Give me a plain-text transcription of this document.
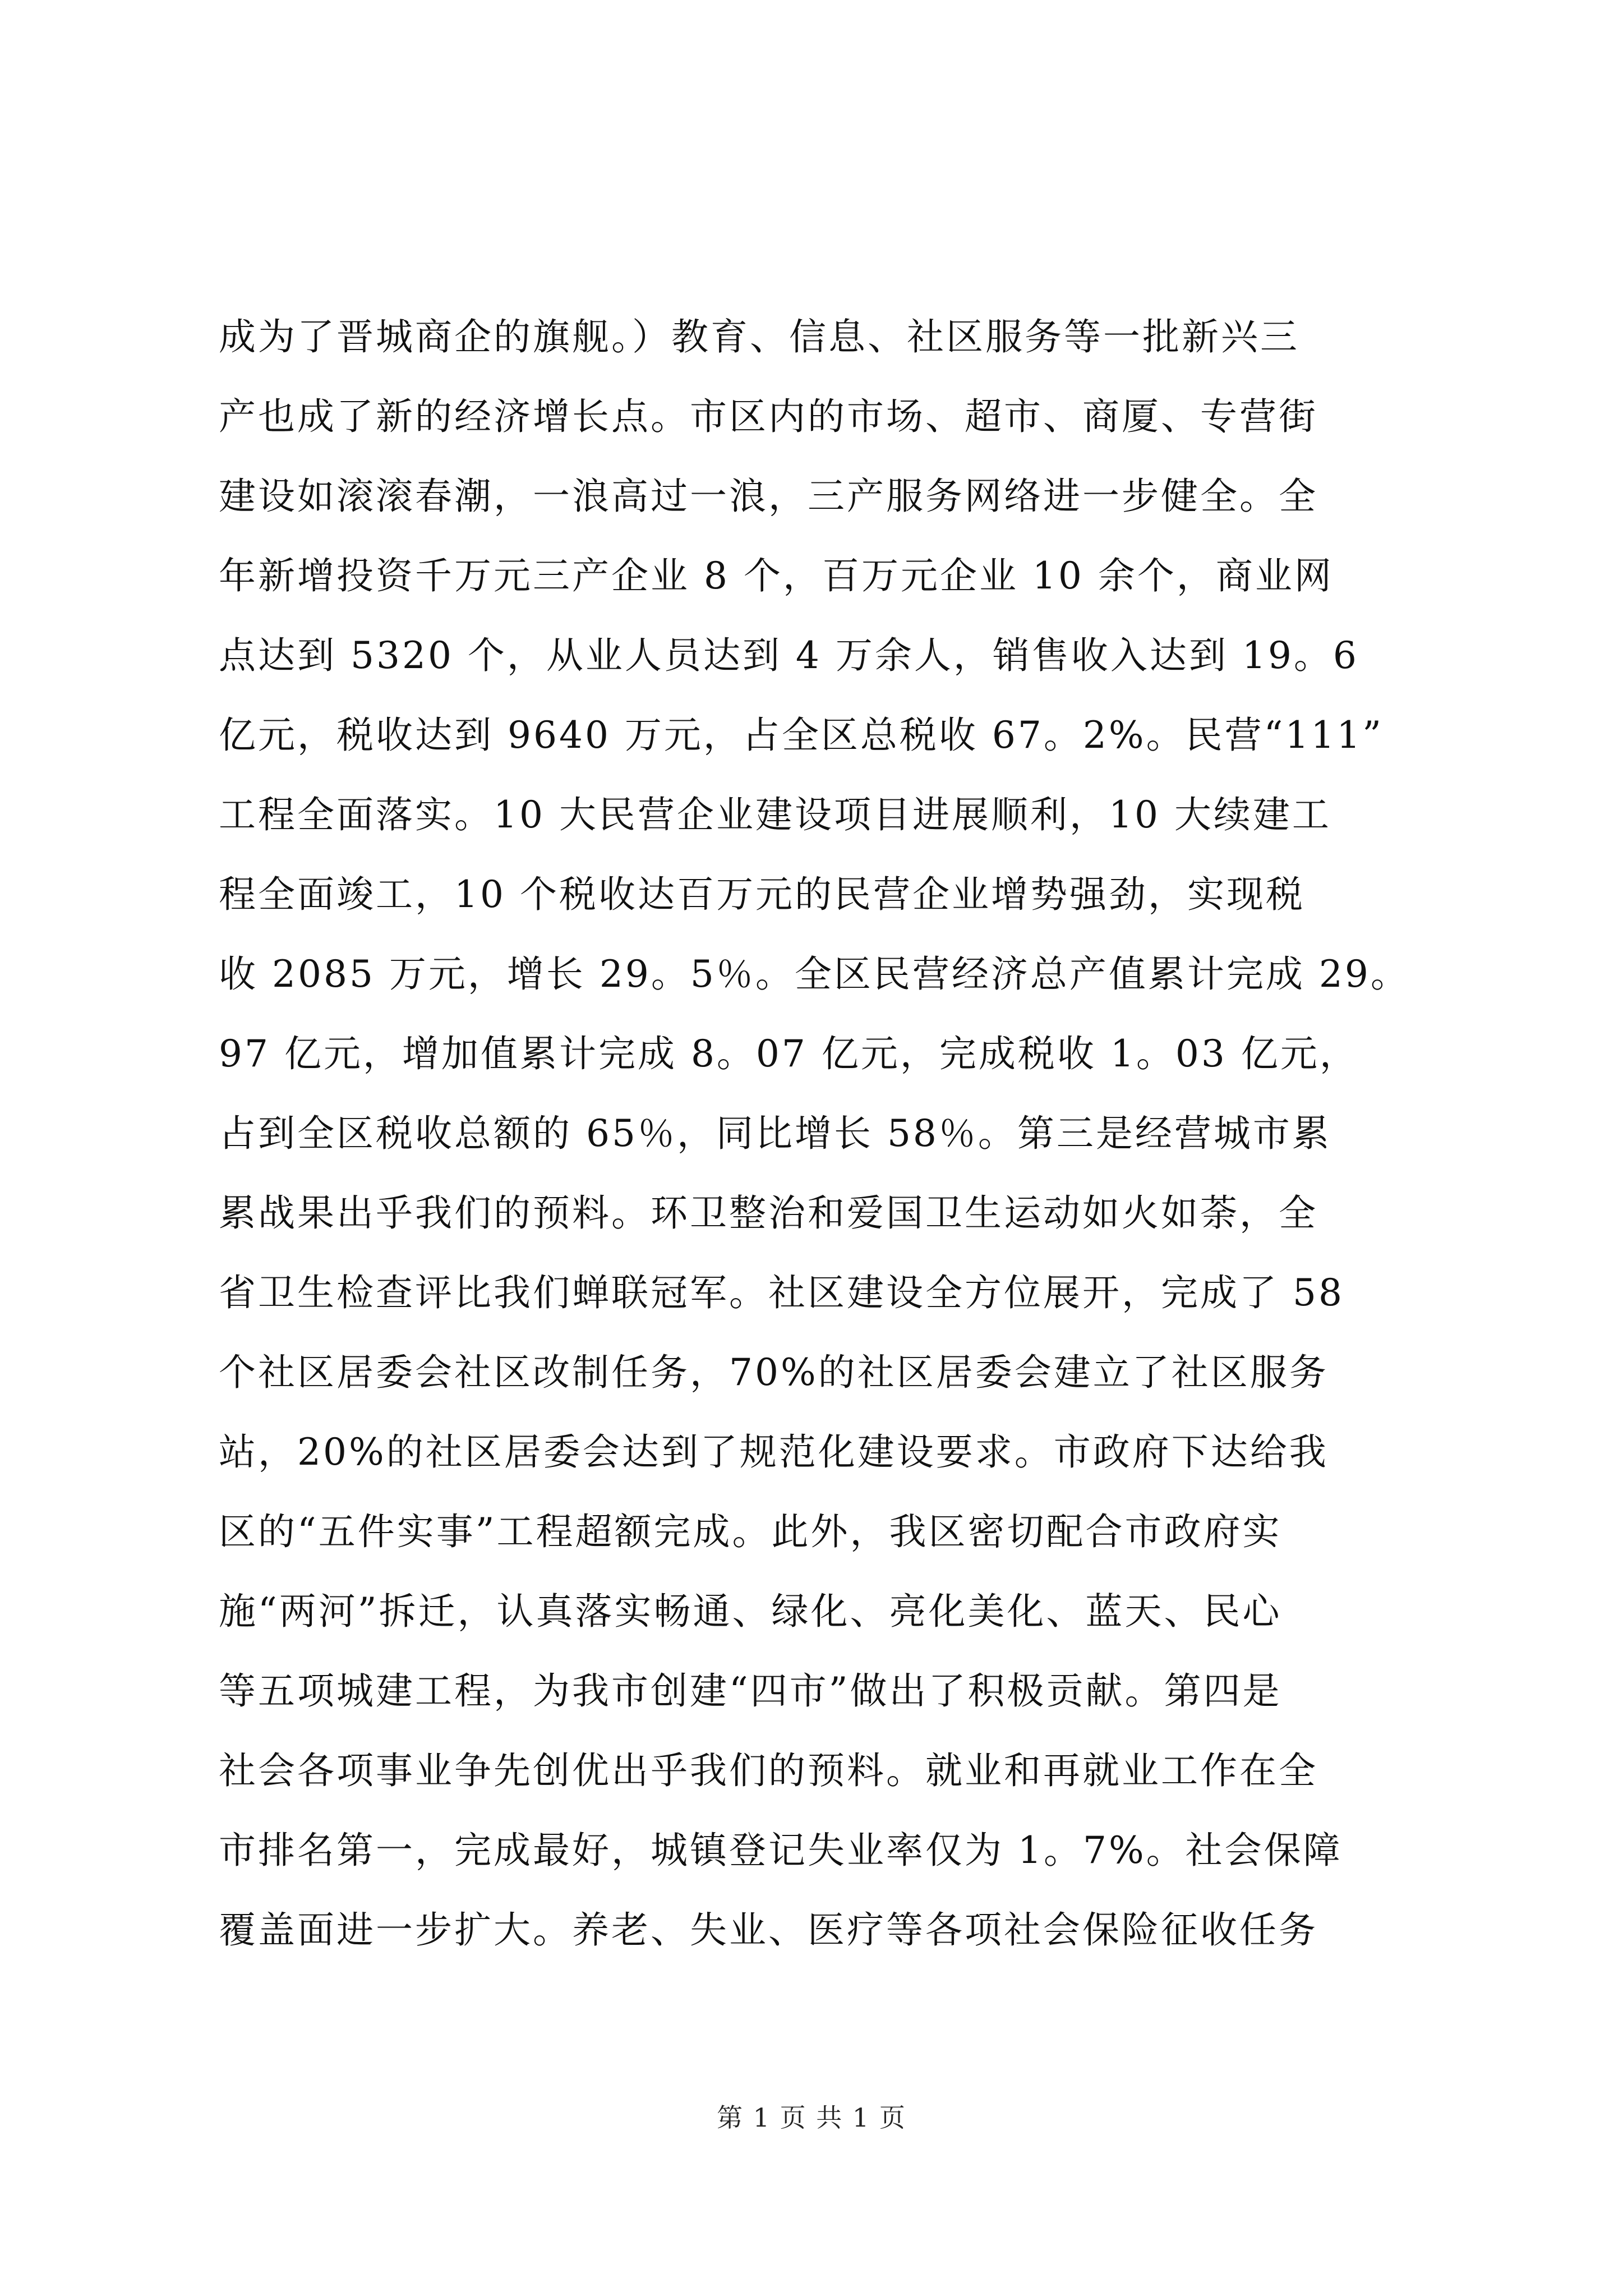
成为了晋城商企的旗舰。）教育、信息、社区服务等一批新兴三
产也成了新的经济增长点。市区内的市场、超市、商厦、专营街
建设如滚滚春潮，一浪高过一浪，三产服务网络进一步健全。全
年新增投资千万元三产企业 8 个，百万元企业 10 余个，商业网
点达到 5320 个，从业人员达到 4 万余人，销售收入达到 19。6
亿元，税收达到 9640 万元，占全区总税收 67。2%。民营“111”
工程全面落实。10 大民营企业建设项目进展顺利，10 大续建工
程全面竣工，10 个税收达百万元的民营企业增势强劲，实现税
收 2085 万元，增长 29。5％。全区民营经济总产值累计完成 29。
97 亿元，增加值累计完成 8。07 亿元，完成税收 1。03 亿元，
占到全区税收总额的 65％，同比增长 58％。第三是经营城市累
累战果出乎我们的预料。环卫整治和爱国卫生运动如火如荼，全
省卫生检查评比我们蝉联冠军。社区建设全方位展开，完成了 58
个社区居委会社区改制任务，70%的社区居委会建立了社区服务
站，20%的社区居委会达到了规范化建设要求。市政府下达给我
区的“五件实事”工程超额完成。此外，我区密切配合市政府实
施“两河”拆迁，认真落实畅通、绿化、亮化美化、蓝天、民心
等五项城建工程，为我市创建“四市”做出了积极贡献。第四是
社会各项事业争先创优出乎我们的预料。就业和再就业工作在全
市排名第一，完成最好，城镇登记失业率仅为 1。7%。社会保障
覆盖面进一步扩大。养老、失业、医疗等各项社会保险征收任务
第 1 页 共 1 页
